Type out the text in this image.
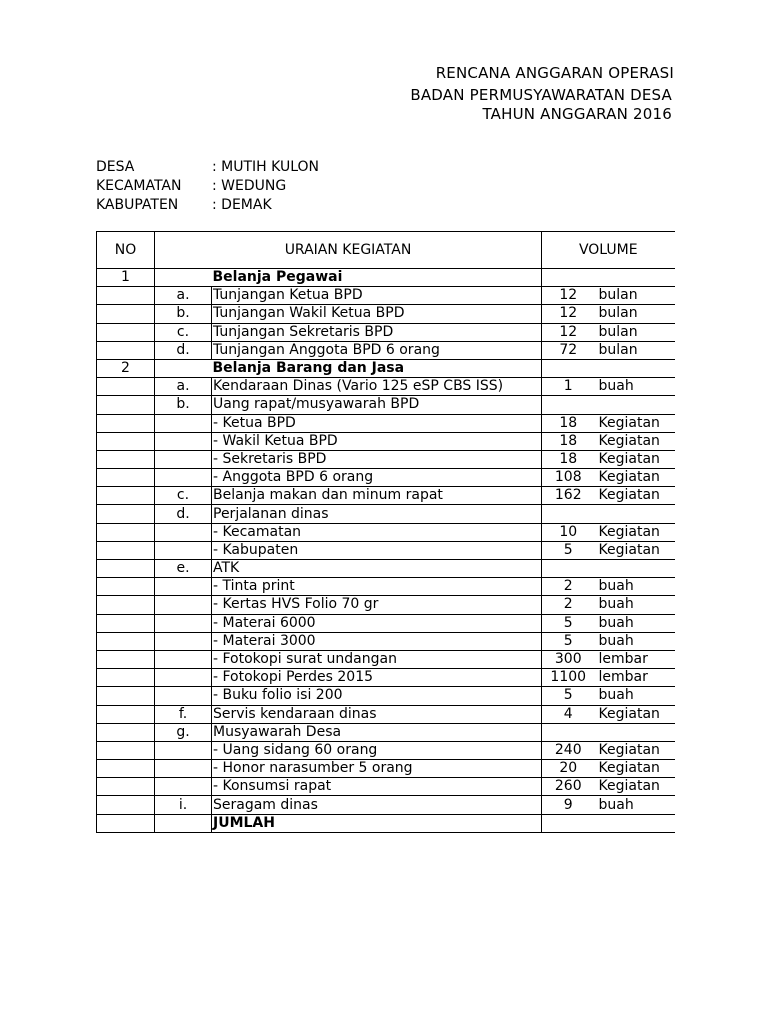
RENCANA ANGGARAN OPERASI
BADAN PERMUSYAWARATAN DESA
TAHUN ANGGARAN 2016
DESA	: MUTIH KULON
KECAMATAN : WEDUNG
KABUPATEN : DEMAK
NO	URAIAN KEGIATAN		VOLUME	
1		Belanja Pegawai		
	a.	Tunjangan Ketua BPD	12	bulan
	b.	Tunjangan Wakil Ketua BPD	12	bulan
	c.	Tunjangan Sekretaris BPD	12	bulan
	d.	Tunjangan Anggota BPD 6 orang	72	bulan
2		Belanja Barang dan Jasa		
	a.	Kendaraan Dinas (Vario 125 eSP CBS ISS)	1	buah
	b.	Uang rapat/musyawarah BPD		
		- Ketua BPD	18	Kegiatan
		- Wakil Ketua BPD	18	Kegiatan
		- Sekretaris BPD	18	Kegiatan
		- Anggota BPD 6 orang	108	Kegiatan
	c.	Belanja makan dan minum rapat	162	Kegiatan
	d.	Perjalanan dinas		
		- Kecamatan	10	Kegiatan
		- Kabupaten	5	Kegiatan
	e.	ATK		
		- Tinta print	2	buah
		- Kertas HVS Folio 70 gr	2	buah
		- Materai 6000	5	buah
		- Materai 3000	5	buah
		- Fotokopi surat undangan	300	lembar
		- Fotokopi Perdes 2015	1100	lembar
		- Buku folio isi 200	5	buah
	f.	Servis kendaraan dinas	4	Kegiatan
	g.	Musyawarah Desa		
		- Uang sidang 60 orang	240	Kegiatan
		- Honor narasumber 5 orang	20	Kegiatan
		- Konsumsi rapat	260	Kegiatan
	i.	Seragam dinas	9	buah
		JUMLAH		
